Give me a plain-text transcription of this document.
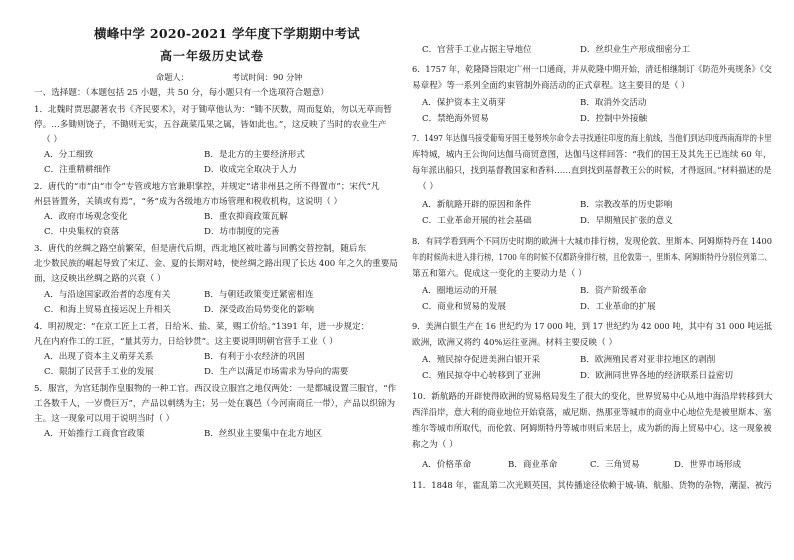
横峰中学 2020-2021 学年度下学期期中考试
高一年级历史试卷
命题人：	考试时间：90 分钟
一、选择题：（本题包括 25 小题，共 50 分，每小题只有一个选项符合题意）
1．北魏时贾思勰著农书《齐民要术》，对于锄草他认为：“锄不厌数，周而复始，勿以无草而暂
停。…多锄则饶子，不锄则无实，五谷蔬菜瓜果之属，皆如此也。”，这反映了当时的农业生产
（ ）
A．分工细致	B．是北方的主要经济形式
C．注重精耕细作	D．收成完全取决于人力
2．唐代的“市”由“市令”专管或地方官兼职掌控，并规定“诸非州县之所不得置市”；宋代“凡
州县皆置务，关镇或有焉”，“务”成为各级地方市场管理和税收机构，这说明（ ）
A．政府市场观念变化	B．重农抑商政策瓦解
C．中央集权的衰落	D．坊市制度的完善
3．唐代的丝绸之路空前繁荣，但是唐代后期，西北地区被吐蕃与回鹘交替控制，随后东
北少数民族的崛起导致了宋辽、金、夏的长期对峙，使丝绸之路出现了长达 400 年之久的重要局
面，这反映出丝绸之路的兴衰（ ）
A．与沿途国家政治者的态度有关	B．与朝廷政策变迁紧密相连
C．和海上贸易直接运况上升相关	D．深受政治局势变化的影响
4．明初规定：“在京工匠上工者，日给米、盐、菜，赐工价给。”1391 年，进一步规定：
凡在内府作工的工匠，“量其劳力，日给钞贯”。这主要说明明朝官营手工业（ ）
A．出现了资本主义萌芽关系	B．有利于小农经济的巩固
C．限制了民营手工业的发展	D．生产以满足市场需求为导向的需要
5．服宫，为宫廷制作皇服物的一种工官。西汉设立服宫之地仅两处：一是都城设置三服官，“作
工各数千人，一岁费巨万”，产品以刺绣为主；另一处在襄邑（今河南商丘一带），产品以织锦为
主。这一现象可以用于说明当时（ ）
A．开始推行工商食官政策	B．丝织业主要集中在北方地区
C．官营手工业占据主导地位	D．丝织业生产形成细密分工
6．1757 年，乾隆降旨限定广州一口通商，并从乾隆中期开始，清廷相继制订《防范外夷规条》《交
易章程》等一系列全面约束管制外商活动的正式章程。这主要目的是（ ）
A．保护资本主义萌芽	B．取消外交活动
C．禁绝海外贸易	D．控制中外接触
7．1497 年达伽马接受葡萄牙国王曼努埃尔命令去寻找通往印度的海上航线，当他们到达印度西南海岸的卡里
库特城，城内王公询问达伽马商贸意图，达伽马这样回答：“我们的国王及其先王已连续 60 年，
每年派出船只，找到基督教国家和香料……直到找到基督教王公的时候，才得返回。”材料描述的是
（ ）
A．新航路开辟的原因和条件	B．宗教改革的历史影响
C．工业革命开展的社会基础	D．早期殖民扩张的意义
8．有同学看到两个不同历史时期的欧洲十大城市排行榜，发现伦敦、里斯本、阿姆斯特丹在 1400
年的时候尚未进入排行榜，1700 年的时候不仅都跻身排行榜，且伦敦第一，里斯本、阿姆斯特丹分别位列第二、
第五和第六。促成这一变化的主要动力是（ ）
A．圈地运动的开展	B．资产阶级革命
C．商业和贸易的发展	D．工业革命的扩展
9．美洲白银生产在 16 世纪约为 17 000 吨，到 17 世纪约为 42 000 吨，其中有 31 000 吨运抵
欧洲，欧洲又将约 40%运往亚洲。材料主要反映（ ）
A．殖民掠夺促进美洲白银开采	B．欧洲殖民者对亚非拉地区的剥削
C．殖民掠夺中心转移到了亚洲	D．欧洲同世界各地的经济联系日益密切
10．新航路的开辟使得欧洲的贸易格局发生了很大的变化，世界贸易中心从地中海沿岸转移到大
西洋沿岸，意大利的商业地位开始衰落，威尼斯、热那亚等城市的商业中心地位先是被里斯本、塞
维尔等城市所取代，而伦敦、阿姆斯特丹等城市则后来居上，成为新的海上贸易中心。这一现象被
称之为（ ）
A．价格革命	B．商业革命	C．三角贸易	D．世界市场形成
11．1848 年，霍乱第二次光顾英国，其传播途径依赖于城-镇、航船、货物的杂物，潮湿、被污
